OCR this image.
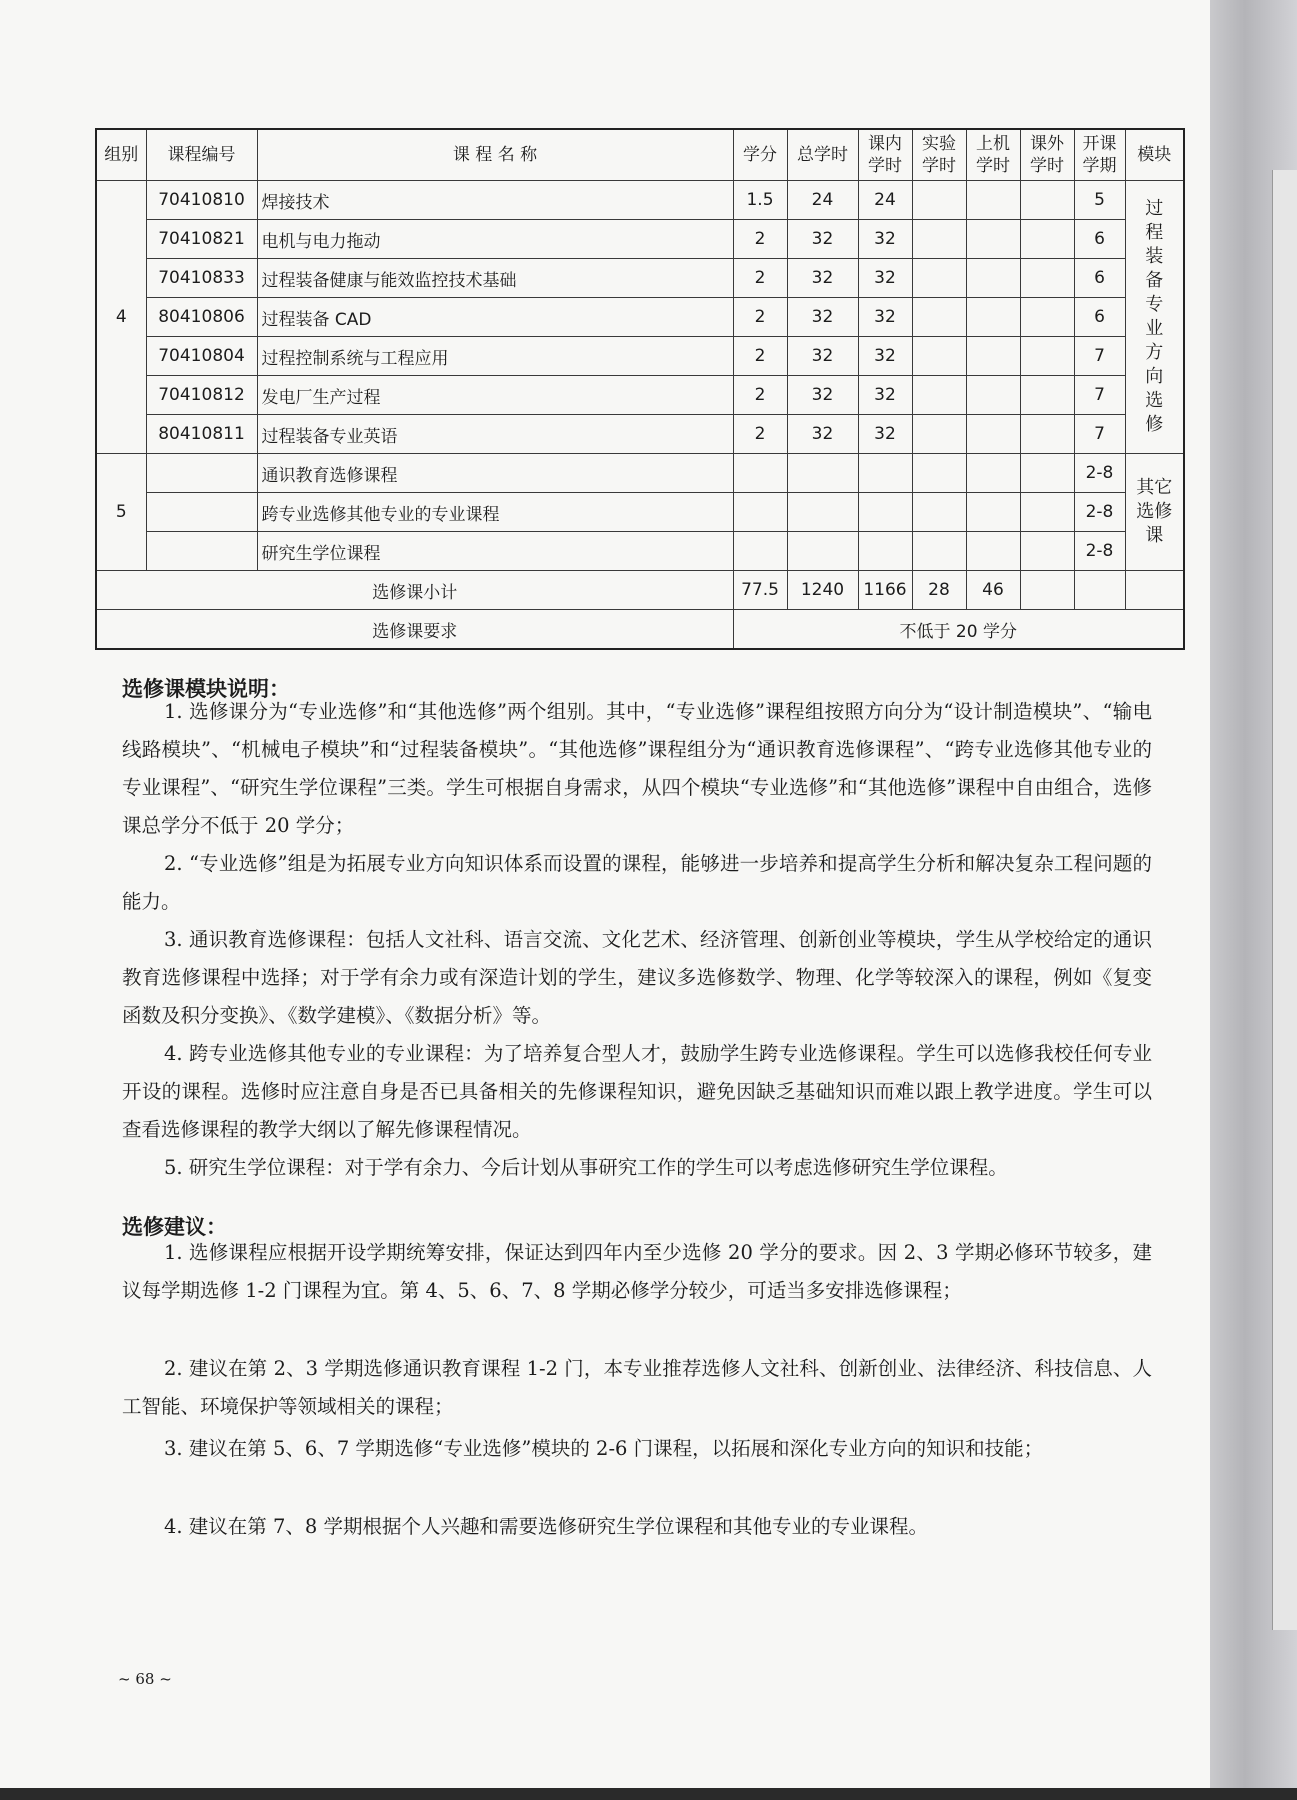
组别	课程编号	课 程 名 称	学分	总学时	课内学时	实验学时	上机学时	课外学时	开课学期	模块
4	70410810	焊接技术	1.5	24	24				5	过程装备专业方向选修

	70410821	电机与电力拖动	2	32	32				6	
	70410833	过程装备健康与能效监控技术基础	2	32	32				6	
	80410806	过程装备 CAD	2	32	32				6	
	70410804	过程控制系统与工程应用	2	32	32				7	
	70410812	发电厂生产过程	2	32	32				7	
	80410811	过程装备专业英语	2	32	32				7	
5		通识教育选修课程							2-8	其它选修课

		跨专业选修其他专业的专业课程							2-8	
		研究生学位课程							2-8	
选修课小计			77.5	1240	1166	28	46			
选修课要求			不低于 20 学分							
选修课模块说明：

1. 选修课分为“专业选修”和“其他选修”两个组别。其中，“专业选修”课程组按照方向分为“设计制造模块”、“输电线路模块”、“机械电子模块”和“过程装备模块”。“其他选修”课程组分为“通识教育选修课程”、“跨专业选修其他专业的专业课程”、“研究生学位课程”三类。学生可根据自身需求，从四个模块“专业选修”和“其他选修”课程中自由组合，选修课总学分不低于 20 学分；

2. “专业选修”组是为拓展专业方向知识体系而设置的课程，能够进一步培养和提高学生分析和解决复杂工程问题的能力。

3. 通识教育选修课程：包括人文社科、语言交流、文化艺术、经济管理、创新创业等模块，学生从学校给定的通识教育选修课程中选择；对于学有余力或有深造计划的学生，建议多选修数学、物理、化学等较深入的课程，例如《复变函数及积分变换》、《数学建模》、《数据分析》等。

4. 跨专业选修其他专业的专业课程：为了培养复合型人才，鼓励学生跨专业选修课程。学生可以选修我校任何专业开设的课程。选修时应注意自身是否已具备相关的先修课程知识，避免因缺乏基础知识而难以跟上教学进度。学生可以查看选修课程的教学大纲以了解先修课程情况。

5. 研究生学位课程：对于学有余力、今后计划从事研究工作的学生可以考虑选修研究生学位课程。

选修建议：

1. 选修课程应根据开设学期统筹安排，保证达到四年内至少选修 20 学分的要求。因 2、3 学期必修环节较多，建议每学期选修 1-2 门课程为宜。第 4、5、6、7、8 学期必修学分较少，可适当多安排选修课程；

2. 建议在第 2、3 学期选修通识教育课程 1-2 门，本专业推荐选修人文社科、创新创业、法律经济、科技信息、人工智能、环境保护等领域相关的课程；

3. 建议在第 5、6、7 学期选修“专业选修”模块的 2-6 门课程，以拓展和深化专业方向的知识和技能；

4. 建议在第 7、8 学期根据个人兴趣和需要选修研究生学位课程和其他专业的专业课程。

~ 68 ~
